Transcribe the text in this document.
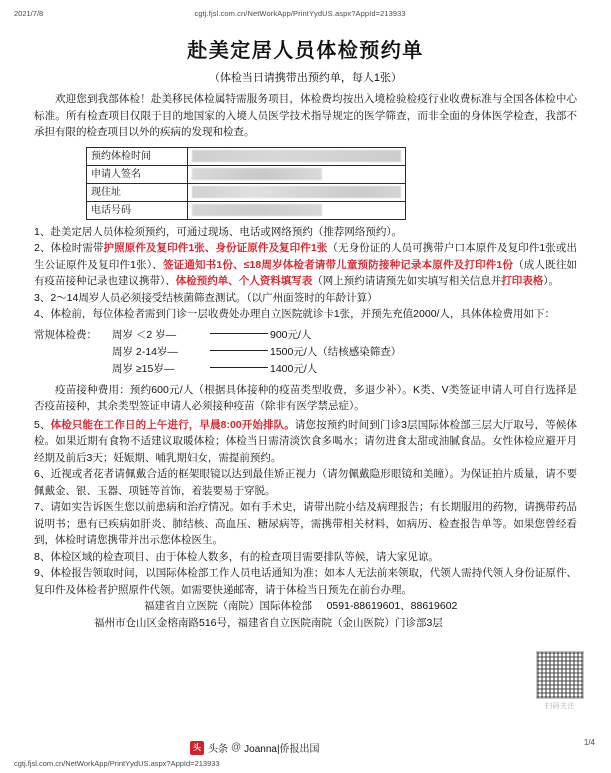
2021/7/8	cgtj.fjsl.com.cn/NetWorkApp/PrintYydUS.aspx?AppId=213933
赴美定居人员体检预约单
（体检当日请携带出预约单，每人1张）

欢迎您到我部体检！赴美移民体检属特需服务项目，体检费均按出入境检验检疫行业收费标准与全国各体检中心标准。所有检查项目仅限于目的地国家的入境人员医学技术指导规定的医学筛查，而非全面的身体医学检查，我部不承担有限的检查项目以外的疾病的发现和检查。

预约体检时间	

申请人签名	

现住址	

电话号码	

1、赴美定居人员体检须预约，可通过现场、电话或网络预约（推荐网络预约）。

2、体检时需带护照原件及复印件1张、身份证原件及复印件1张（无身份证的人员可携带户口本原件及复印件1张或出生公证原件及复印件1张）、签证通知书1份、≤18周岁体检者请带儿童预防接种记录本原件及打印件1份（成人既往如有疫苗接种记录也建议携带）、体检预约单、个人资料填写表（网上预约请请预先如实填写相关信息并打印表格）。

3、2～14周岁人员必须接受结核菌筛查测试。（以广州面签时的年龄计算）

4、体检前，每位体检者需到门诊一层收费处办理自立医院就诊卡1张，并预先充值2000/人，具体体检费用如下：

常规体检费：	周岁 ＜2 岁—	900元/人
周岁 2-14岁—	1500元/人 （结核感染筛查）
周岁 ≥15岁—	1400元/人

疫苗接种费用：预约600元/人（根据具体接种的疫苗类型收费，多退少补）。K类、V类签证申请人可自行选择是否疫苗接种，其余类型签证申请人必须接种疫苗（除非有医学禁忌症）。

5、体检只能在工作日的上午进行，早晨8:00开始排队。请您按预约时间到门诊3层国际体检部三层大厅取号，等候体检。如果近期有食物不适建议取暖体检；体检当日需清淡饮食多喝水；请勿进食太甜或油腻食品。女性体检应避开月经期及前后3天；妊娠期、哺乳期妇女，需提前预约。

6、近视或者花者请佩戴合适的框架眼镜以达到最佳矫正视力（请勿佩戴隐形眼镜和美瞳）。为保证拍片质量，请不要佩戴金、银、玉器、项链等首饰，着装要易于穿脱。

7、请如实告诉医生您以前患病和治疗情况。如有手术史，请带出院小结及病理报告；有长期服用的药物，请携带药品说明书；患有已疾病如肝炎、肺结核、高血压、糖尿病等，需携带相关材料，如病历、检查报告单等。如果您曾经看到，体检时请您携带并出示您体检医生。

8、体检区域的检查项目、由于体检人数多，有的检查项目需要排队等候，请大家见谅。

9、体检报告领取时间，以国际体检部工作人员电话通知为准；如本人无法前来领取，代领人需持代领人身份证原件、复印件及体检者护照原件代领。如需要快递邮寄，请于体检当日预先在前台办理。

福建省自立医院（南院）国际体检部 0591-88619601、88619602
福州市仓山区金榕南路516号，福建省自立医院南院（金山医院）门诊部3层
扫码关注
头 头条 @ Joanna|侨报出国
1/4
cgtj.fjsl.com.cn/NetWorkApp/PrintYydUS.aspx?AppId=213933
